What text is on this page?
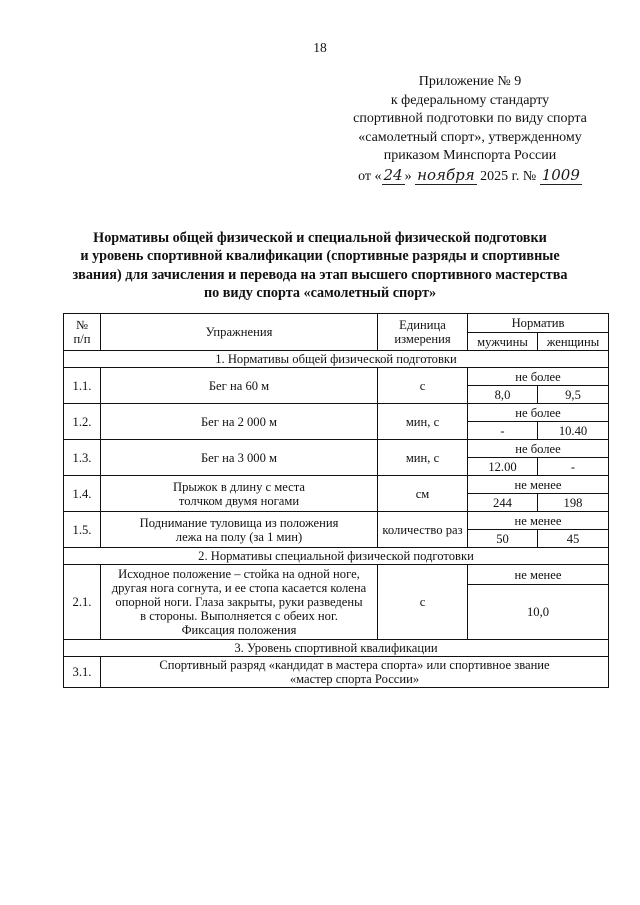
18
Приложение № 9
к федеральному стандарту
спортивной подготовки по виду спорта
«самолетный спорт», утвержденному
приказом Минспорта России
от « 24 » ноября 2025 г. № 1009
Нормативы общей физической и специальной физической подготовки
и уровень спортивной квалификации (спортивные разряды и спортивные
звания) для зачисления и перевода на этап высшего спортивного мастерства
по виду спорта «самолетный спорт»
№
п/п	Упражнения	Единица
измерения	Норматив	
			мужчины	женщины
1. Нормативы общей физической подготовки				
1.1.	Бег на 60 м	с	не более	
			8,0	9,5
1.2.	Бег на 2 000 м	мин, с	не более	
			-	10.40
1.3.	Бег на 3 000 м	мин, с	не более	
			12.00	-
1.4.	Прыжок в длину с места
толчком двумя ногами	см	не менее	
			244	198
1.5.	Поднимание туловища из положения
лежа на полу (за 1 мин)	количество раз	не менее	
			50	45
2. Нормативы специальной физической подготовки				
2.1.	Исходное положение – стойка на одной ноге,
другая нога согнута, и ее стопа касается колена
опорной ноги. Глаза закрыты, руки разведены
в стороны. Выполняется с обеих ног.
Фиксация положения	с	не менее	
			10,0	
3. Уровень спортивной квалификации				
3.1.	Спортивный разряд «кандидат в мастера спорта» или спортивное звание
«мастер спорта России»			
